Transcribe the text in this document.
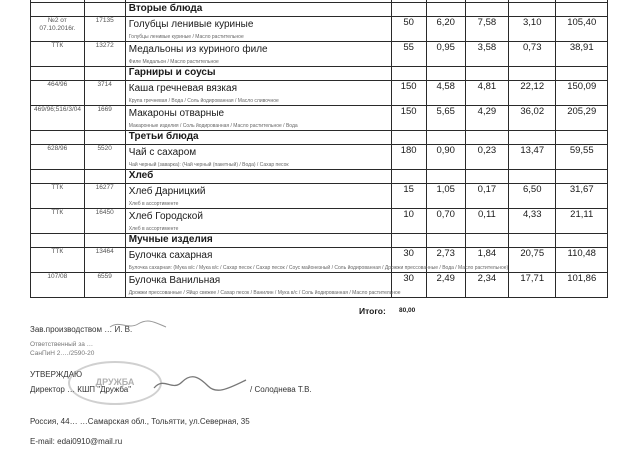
		Вторые блюда					
№2 от 07.10.2016г.	17135	Голубцы ленивые куриные
Голубцы ленивые куриные / Масло растительное	50	6,20	7,58	3,10	105,40
ТТК	13272	Медальоны из куриного филе
Филе Медальон / Масло растительное	55	0,95	3,58	0,73	38,91
		Гарниры и соусы					
464/96	3714	Каша гречневая вязкая
Крупа гречневая / Вода / Соль йодированная / Масло сливочное	150	4,58	4,81	22,12	150,09
469/96;516/3/04	1669	Макароны отварные
Макаронные изделия / Соль йодированная / Масло растительное / Вода	150	5,65	4,29	36,02	205,29
		Третьи блюда					
628/96	5520	Чай с сахаром
Чай черный (заварка): (Чай черный (пакетный) / Вода) / Сахар песок	180	0,90	0,23	13,47	59,55
		Хлеб					
ТТК	16277	Хлеб Дарницкий
Хлеб в ассортименте	15	1,05	0,17	6,50	31,67
ТТК	16450	Хлеб Городской
Хлеб в ассортименте	10	0,70	0,11	4,33	21,11
		Мучные изделия					
ТТК	13464	Булочка сахарная
Булочка сахарная: (Мука в/с / Мука в/с / Сахар песок / Сахар песок / Соус майонезный / Соль йодированная / Дрожжи прессованные / Вода / Масло растительное)	30	2,73	1,84	20,75	110,48
107/08	6559	Булочка Ванильная
Дрожжи прессованные / Яйцо свежее / Сахар песок / Ванилин / Мука в/с / Соль йодированная / Масло растительное	30	2,49	2,34	17,71	101,86
Итого: 80,00
Зав.производством … И. В.
Ответственный за …
СанПиН 2.…/2590-20
УТВЕРЖДАЮ
Директор … КШП "Дружба"	/ Солоднева Т.В.
Россия, 44… …Самарская обл., Тольятти, ул.Северная, 35
E-mail: edai0910@mail.ru
ДРУЖБА
